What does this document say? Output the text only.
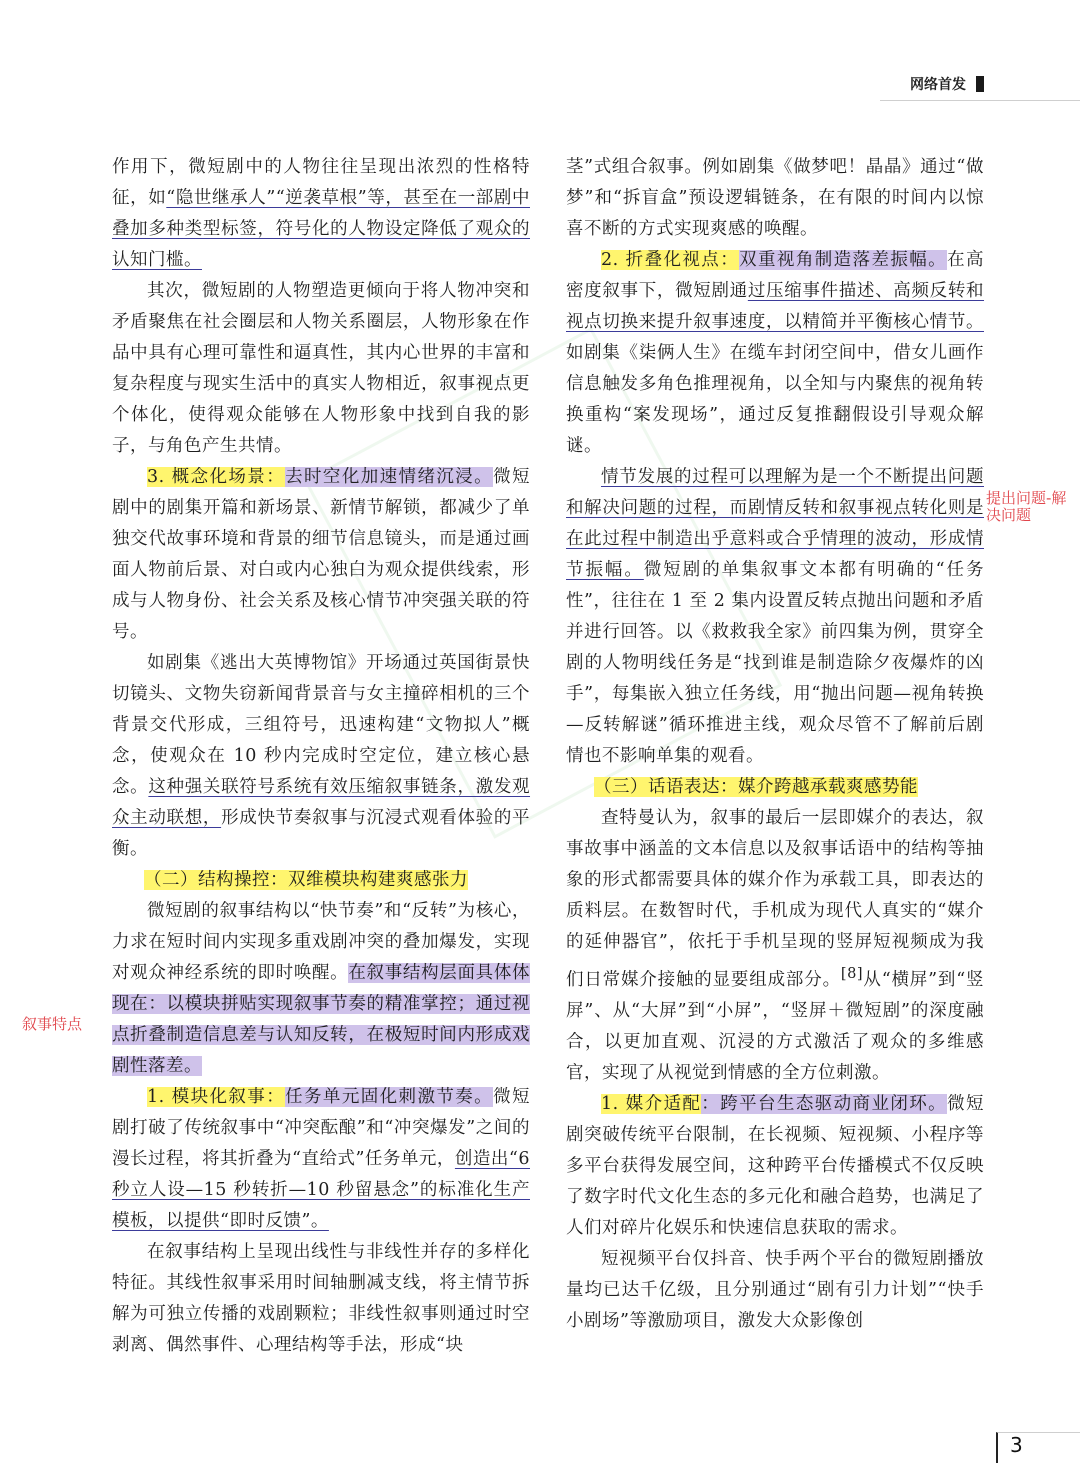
网络首发

作用下，微短剧中的人物往往呈现出浓烈的性格特征，如“隐世继承人”“逆袭草根”等，甚至在一部剧中叠加多种类型标签，符号化的人物设定降低了观众的认知门槛。

其次，微短剧的人物塑造更倾向于将人物冲突和矛盾聚焦在社会圈层和人物关系圈层，人物形象在作品中具有心理可靠性和逼真性，其内心世界的丰富和复杂程度与现实生活中的真实人物相近，叙事视点更个体化，使得观众能够在人物形象中找到自我的影子，与角色产生共情。

3. 概念化场景：去时空化加速情绪沉浸。微短剧中的剧集开篇和新场景、新情节解锁，都减少了单独交代故事环境和背景的细节信息镜头，而是通过画面人物前后景、对白或内心独白为观众提供线索，形成与人物身份、社会关系及核心情节冲突强关联的符号。

如剧集《逃出大英博物馆》开场通过英国街景快切镜头、文物失窃新闻背景音与女主撞碎相机的三个背景交代形成，三组符号，迅速构建“文物拟人”概念，使观众在 10 秒内完成时空定位，建立核心悬念。这种强关联符号系统有效压缩叙事链条，激发观众主动联想，形成快节奏叙事与沉浸式观看体验的平衡。

（二）结构操控：双维模块构建爽感张力

微短剧的叙事结构以“快节奏”和“反转”为核心，力求在短时间内实现多重戏剧冲突的叠加爆发，实现对观众神经系统的即时唤醒。在叙事结构层面具体体现在：以模块拼贴实现叙事节奏的精准掌控；通过视点折叠制造信息差与认知反转，在极短时间内形成戏剧性落差。

1. 模块化叙事：任务单元固化刺激节奏。微短剧打破了传统叙事中“冲突酝酿”和“冲突爆发”之间的漫长过程，将其折叠为“直给式”任务单元，创造出“6 秒立人设—15 秒转折—10 秒留悬念”的标准化生产模板，以提供“即时反馈”。

在叙事结构上呈现出线性与非线性并存的多样化特征。其线性叙事采用时间轴删减支线，将主情节拆解为可独立传播的戏剧颗粒；非线性叙事则通过时空剥离、偶然事件、心理结构等手法，形成“块

茎”式组合叙事。例如剧集《做梦吧！晶晶》通过“做梦”和“拆盲盒”预设逻辑链条，在有限的时间内以惊喜不断的方式实现爽感的唤醒。

2. 折叠化视点：双重视角制造落差振幅。在高密度叙事下，微短剧通过压缩事件描述、高频反转和视点切换来提升叙事速度，以精简并平衡核心情节。如剧集《柒俩人生》在缆车封闭空间中，借女儿画作信息触发多角色推理视角，以全知与内聚焦的视角转换重构“案发现场”，通过反复推翻假设引导观众解谜。

情节发展的过程可以理解为是一个不断提出问题和解决问题的过程，而剧情反转和叙事视点转化则是在此过程中制造出乎意料或合乎情理的波动，形成情节振幅。微短剧的单集叙事文本都有明确的“任务性”，往往在 1 至 2 集内设置反转点抛出问题和矛盾并进行回答。以《救救我全家》前四集为例，贯穿全剧的人物明线任务是“找到谁是制造除夕夜爆炸的凶手”，每集嵌入独立任务线，用“抛出问题—视角转换—反转解谜”循环推进主线，观众尽管不了解前后剧情也不影响单集的观看。

（三）话语表达：媒介跨越承载爽感势能

查特曼认为，叙事的最后一层即媒介的表达，叙事故事中涵盖的文本信息以及叙事话语中的结构等抽象的形式都需要具体的媒介作为承载工具，即表达的质料层。在数智时代，手机成为现代人真实的“媒介的延伸器官”，依托于手机呈现的竖屏短视频成为我们日常媒介接触的显要组成部分。[8]从“横屏”到“竖屏”、从“大屏”到“小屏”，“竖屏＋微短剧”的深度融合，以更加直观、沉浸的方式激活了观众的多维感官，实现了从视觉到情感的全方位刺激。

1. 媒介适配：跨平台生态驱动商业闭环。微短剧突破传统平台限制，在长视频、短视频、小程序等多平台获得发展空间，这种跨平台传播模式不仅反映了数字时代文化生态的多元化和融合趋势，也满足了人们对碎片化娱乐和快速信息获取的需求。

短视频平台仅抖音、快手两个平台的微短剧播放量均已达千亿级，且分别通过“剧有引力计划”“快手小剧场”等激励项目，激发大众影像创

提出问题-解决问题
叙事特点
3
